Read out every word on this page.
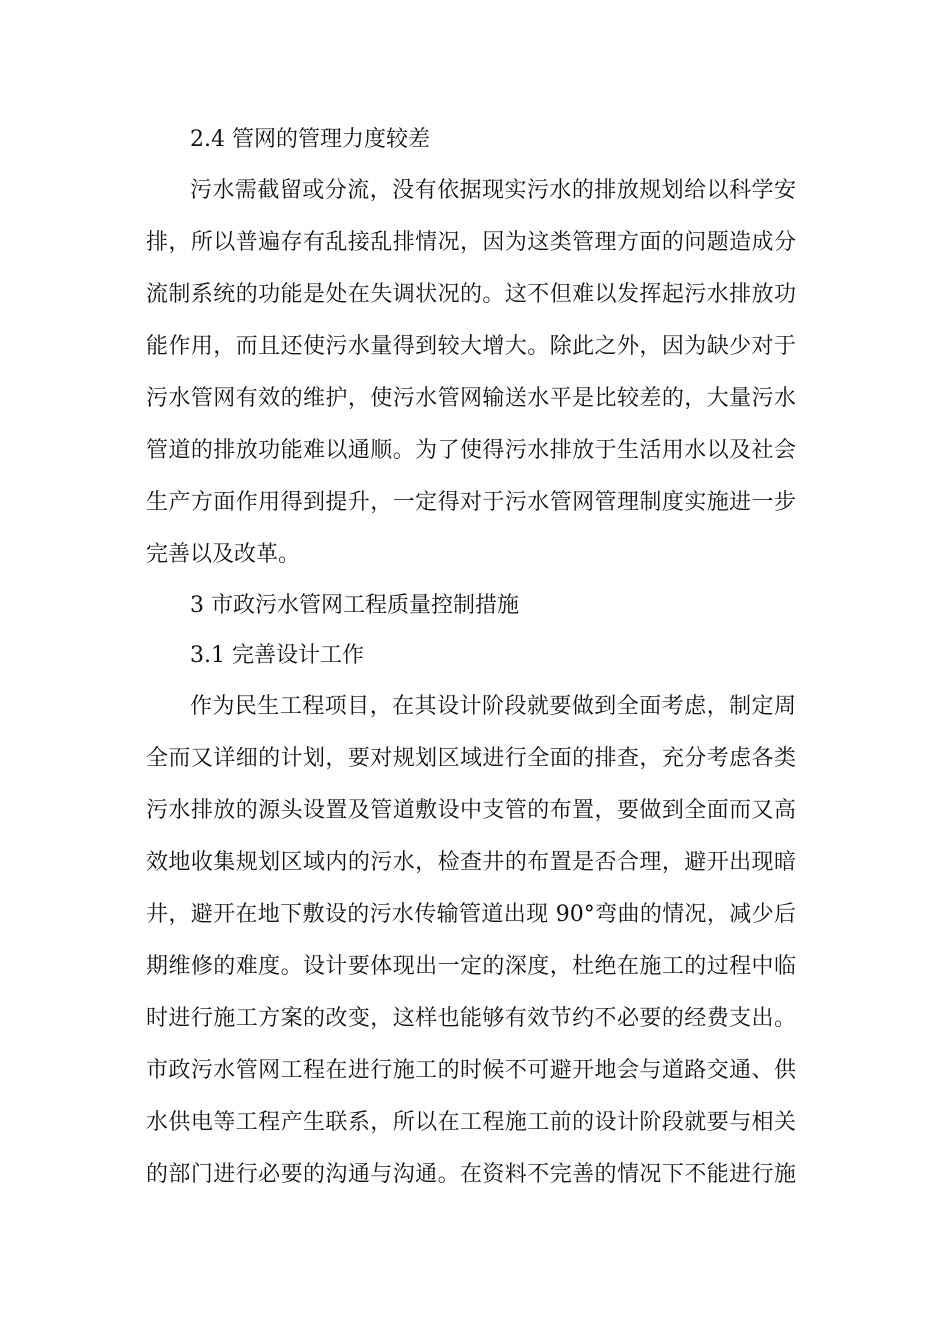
2.4 管网的管理力度较差

污水需截留或分流，没有依据现实污水的排放规划给以科学安
排，所以普遍存有乱接乱排情况，因为这类管理方面的问题造成分
流制系统的功能是处在失调状况的。这不但难以发挥起污水排放功
能作用，而且还使污水量得到较大增大。除此之外，因为缺少对于
污水管网有效的维护，使污水管网输送水平是比较差的，大量污水
管道的排放功能难以通顺。为了使得污水排放于生活用水以及社会
生产方面作用得到提升，一定得对于污水管网管理制度实施进一步
完善以及改革。

3 市政污水管网工程质量控制措施

3.1 完善设计工作

作为民生工程项目，在其设计阶段就要做到全面考虑，制定周
全而又详细的计划，要对规划区域进行全面的排查，充分考虑各类
污水排放的源头设置及管道敷设中支管的布置，要做到全面而又高
效地收集规划区域内的污水，检查井的布置是否合理，避开出现暗
井，避开在地下敷设的污水传输管道出现 90°弯曲的情况，减少后
期维修的难度。设计要体现出一定的深度，杜绝在施工的过程中临
时进行施工方案的改变，这样也能够有效节约不必要的经费支出。
市政污水管网工程在进行施工的时候不可避开地会与道路交通、供
水供电等工程产生联系，所以在工程施工前的设计阶段就要与相关
的部门进行必要的沟通与沟通。在资料不完善的情况下不能进行施
